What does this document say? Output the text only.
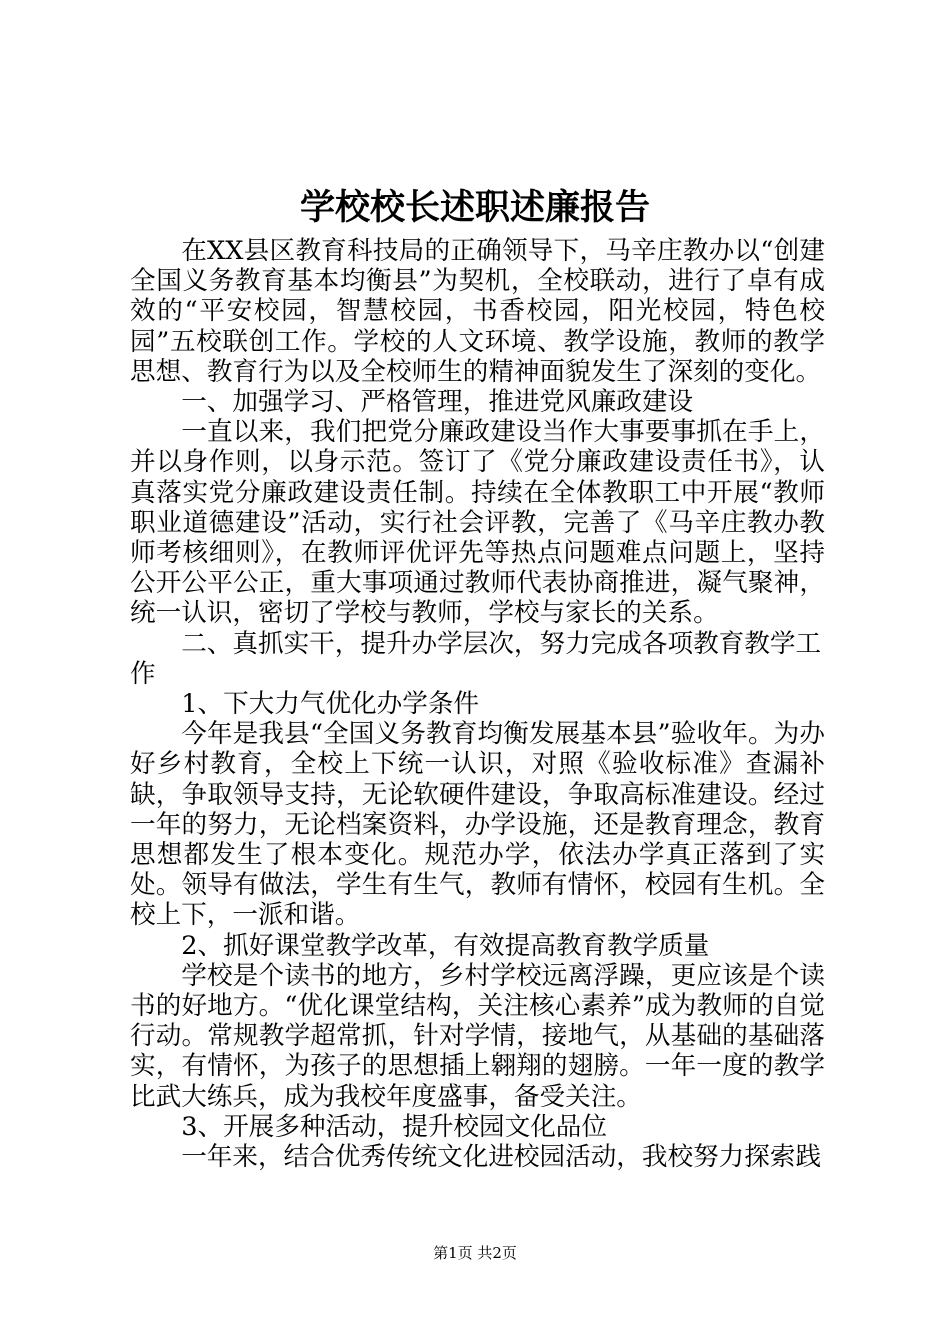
学校校长述职述廉报告

在XX县区教育科技局的正确领导下，马辛庄教办以“创建全国义务教育基本均衡县”为契机，全校联动，进行了卓有成效的“平安校园，智慧校园，书香校园，阳光校园，特色校园”五校联创工作。学校的人文环境、教学设施，教师的教学思想、教育行为以及全校师生的精神面貌发生了深刻的变化。

一、加强学习、严格管理，推进党风廉政建设

一直以来，我们把党分廉政建设当作大事要事抓在手上，并以身作则，以身示范。签订了《党分廉政建设责任书》，认真落实党分廉政建设责任制。持续在全体教职工中开展“教师职业道德建设”活动，实行社会评教，完善了《马辛庄教办教师考核细则》，在教师评优评先等热点问题难点问题上，坚持公开公平公正，重大事项通过教师代表协商推进，凝气聚神，统一认识，密切了学校与教师，学校与家长的关系。

二、真抓实干，提升办学层次，努力完成各项教育教学工作

1、下大力气优化办学条件

今年是我县“全国义务教育均衡发展基本县”验收年。为办好乡村教育，全校上下统一认识，对照《验收标准》查漏补缺，争取领导支持，无论软硬件建设，争取高标准建设。经过一年的努力，无论档案资料，办学设施，还是教育理念，教育思想都发生了根本变化。规范办学，依法办学真正落到了实处。领导有做法，学生有生气，教师有情怀，校园有生机。全校上下，一派和谐。

2、抓好课堂教学改革，有效提高教育教学质量

学校是个读书的地方，乡村学校远离浮躁，更应该是个读书的好地方。“优化课堂结构，关注核心素养”成为教师的自觉行动。常规教学超常抓，针对学情，接地气，从基础的基础落实，有情怀，为孩子的思想插上翱翔的翅膀。一年一度的教学比武大练兵，成为我校年度盛事，备受关注。

3、开展多种活动，提升校园文化品位

一年来，结合优秀传统文化进校园活动，我校努力探索践

第1页 共2页
